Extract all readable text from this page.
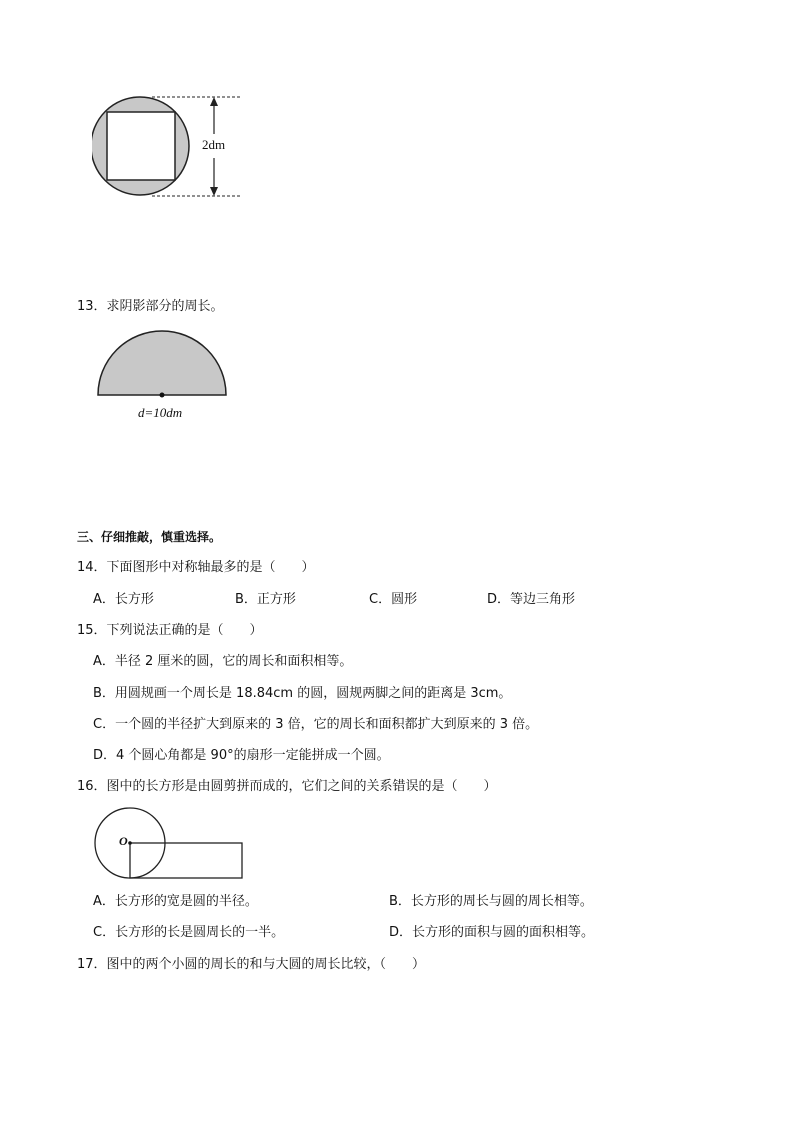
2dm
13．求阴影部分的周长。
d=10dm
三、仔细推敲，慎重选择。
14．下面图形中对称轴最多的是（　　）
A．长方形	B．正方形	C．圆形	D．等边三角形
15．下列说法正确的是（　　）
A．半径 2 厘米的圆，它的周长和面积相等。
B．用圆规画一个周长是 18.84cm 的圆，圆规两脚之间的距离是 3cm。
C．一个圆的半径扩大到原来的 3 倍，它的周长和面积都扩大到原来的 3 倍。
D．4 个圆心角都是 90°的扇形一定能拼成一个圆。
16．图中的长方形是由圆剪拼而成的，它们之间的关系错误的是（　　）
O
A．长方形的宽是圆的半径。	B．长方形的周长与圆的周长相等。
C．长方形的长是圆周长的一半。	D．长方形的面积与圆的面积相等。
17．图中的两个小圆的周长的和与大圆的周长比较，（　　）
